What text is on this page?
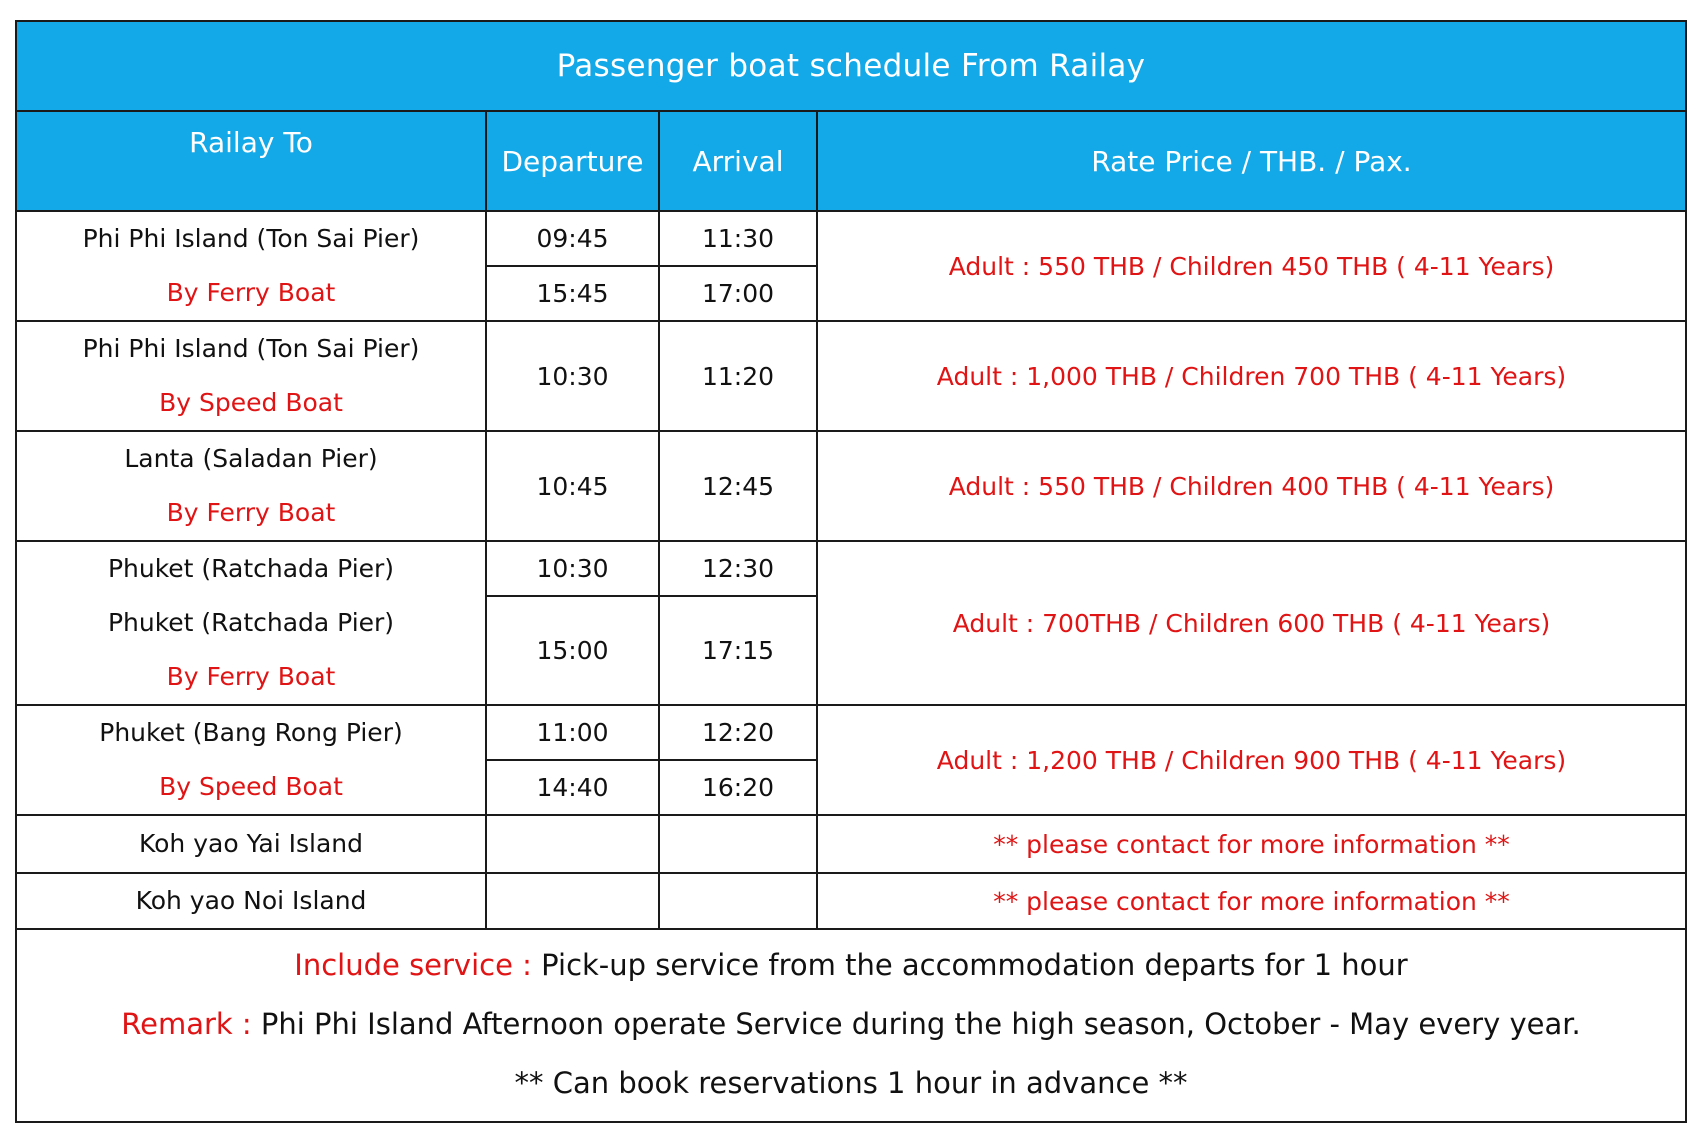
Passenger boat schedule From Railay			
Railay To	Departure	Arrival	Rate Price / THB. / Pax.

Phi Phi Island (Ton Sai Pier)
By Ferry Boat	09:45	11:30	Adult : 550 THB / Children 450 THB ( 4-11 Years)
	15:45	17:00	

Phi Phi Island (Ton Sai Pier)
By Speed Boat	10:30	11:20	Adult : 1,000 THB / Children 700 THB ( 4-11 Years)

Lanta (Saladan Pier)
By Ferry Boat	10:45	12:45	Adult : 550 THB / Children 400 THB ( 4-11 Years)

Phuket (Ratchada Pier)
Phuket (Ratchada Pier)
By Ferry Boat	10:30	12:30	Adult : 700THB / Children 600 THB ( 4-11 Years)
	15:00	17:15	

Phuket (Bang Rong Pier)
By Speed Boat	11:00	12:20	Adult : 1,200 THB / Children 900 THB ( 4-11 Years)
	14:40	16:20	
Koh yao Yai Island			** please contact for more information **
Koh yao Noi Island			** please contact for more information **

Include service : Pick-up service from the accommodation departs for 1 hour
Remark : Phi Phi Island Afternoon operate Service during the high season, October - May every year.
** Can book reservations 1 hour in advance **			
